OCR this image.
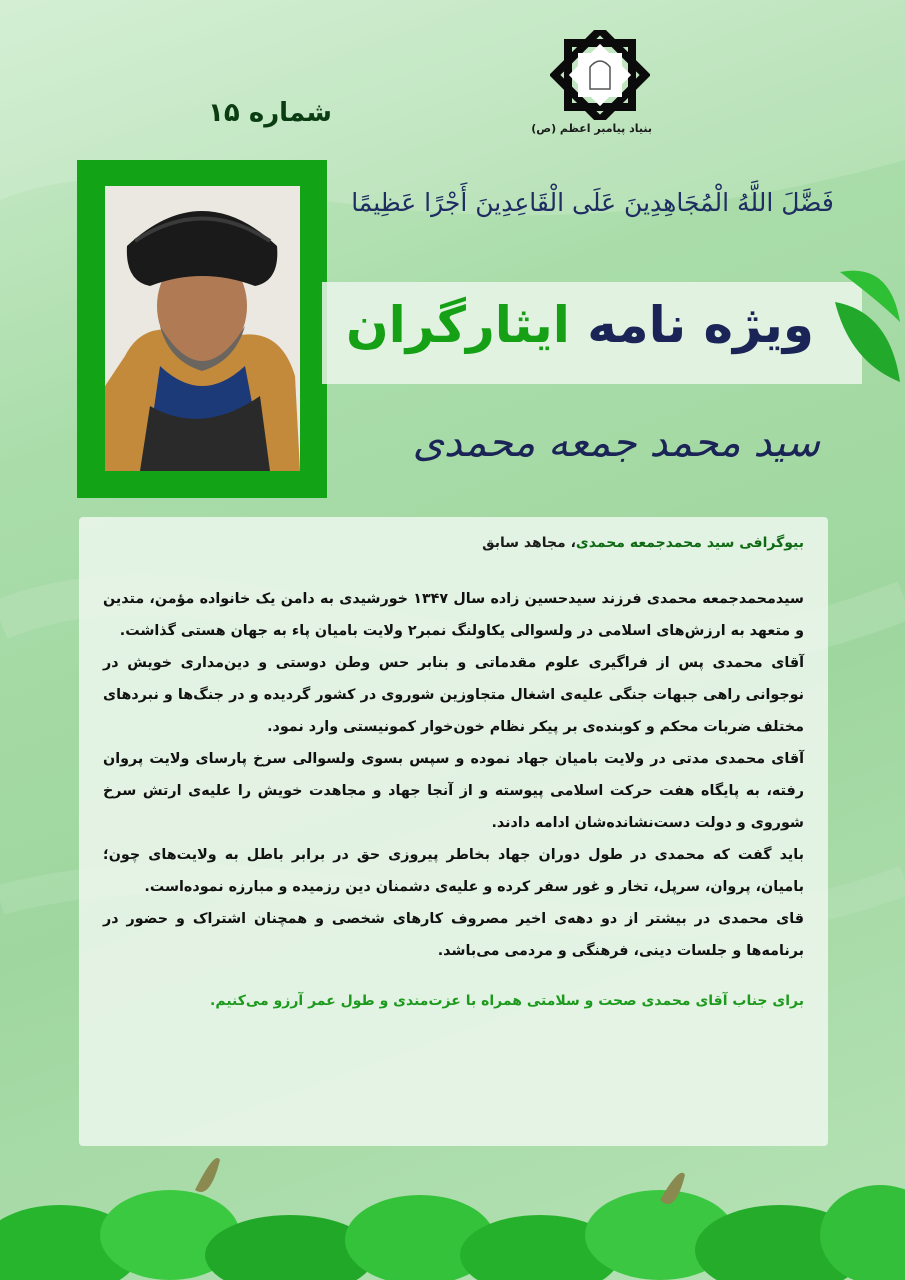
بنیاد پیامبر اعظم (ص)
شماره ۱۵
فَضَّلَ اللَّهُ الْمُجَاهِدِينَ عَلَى الْقَاعِدِينَ أَجْرًا عَظِيمًا
ویژه نامه ایثارگران
سید محمد جمعه محمدی
بیوگرافی سید محمدجمعه محمدی، مجاهد سابق

سیدمحمدجمعه محمدی فرزند سیدحسین زاده سال ۱۳۴۷ خورشیدی به دامن یک خانواده مؤمن، متدین و متعهد به ارزش‌های اسلامی در ولسوالی یکاولنگ نمبر۲ ولایت بامیان پاء به جهان هستی گذاشت.

آقای محمدی پس از فراگیری علوم مقدماتی و بنابر حس وطن دوستی و دین‌مداری خویش در نوجوانی راهی جبهات جنگی علیه‌ی اشغال متجاوزین شوروی در کشور گردیده و در جنگ‌ها و نبردهای مختلف ضربات محکم و کوبنده‌ی بر پیکر نظام خون‌خوار کمونیستی وارد نمود.

آقای محمدی مدتی در ولایت بامیان جهاد نموده و سپس بسوی ولسوالی سرخ پارسای ولایت پروان رفته، به پایگاه هفت حرکت اسلامی پیوسته و از آنجا جهاد و مجاهدت خویش را علیه‌ی ارتش سرخ شوروی و دولت دست‌نشانده‌شان ادامه دادند.

باید گفت که محمدی در طول دوران جهاد بخاطر پیروزی حق در برابر باطل به ولایت‌های چون؛ بامیان، پروان، سرپل، تخار و غور سفر کرده و علیه‌ی دشمنان دین رزمیده و مبارزه نموده‌است.

قای محمدی در بیشتر از دو دهه‌ی اخیر مصروف کارهای شخصی و همچنان اشتراک و حضور در برنامه‌ها و جلسات دینی، فرهنگی و مردمی می‌باشد.

برای جناب آقای محمدی صحت و سلامتی همراه با عزت‌مندی و طول عمر آرزو می‌کنیم.
